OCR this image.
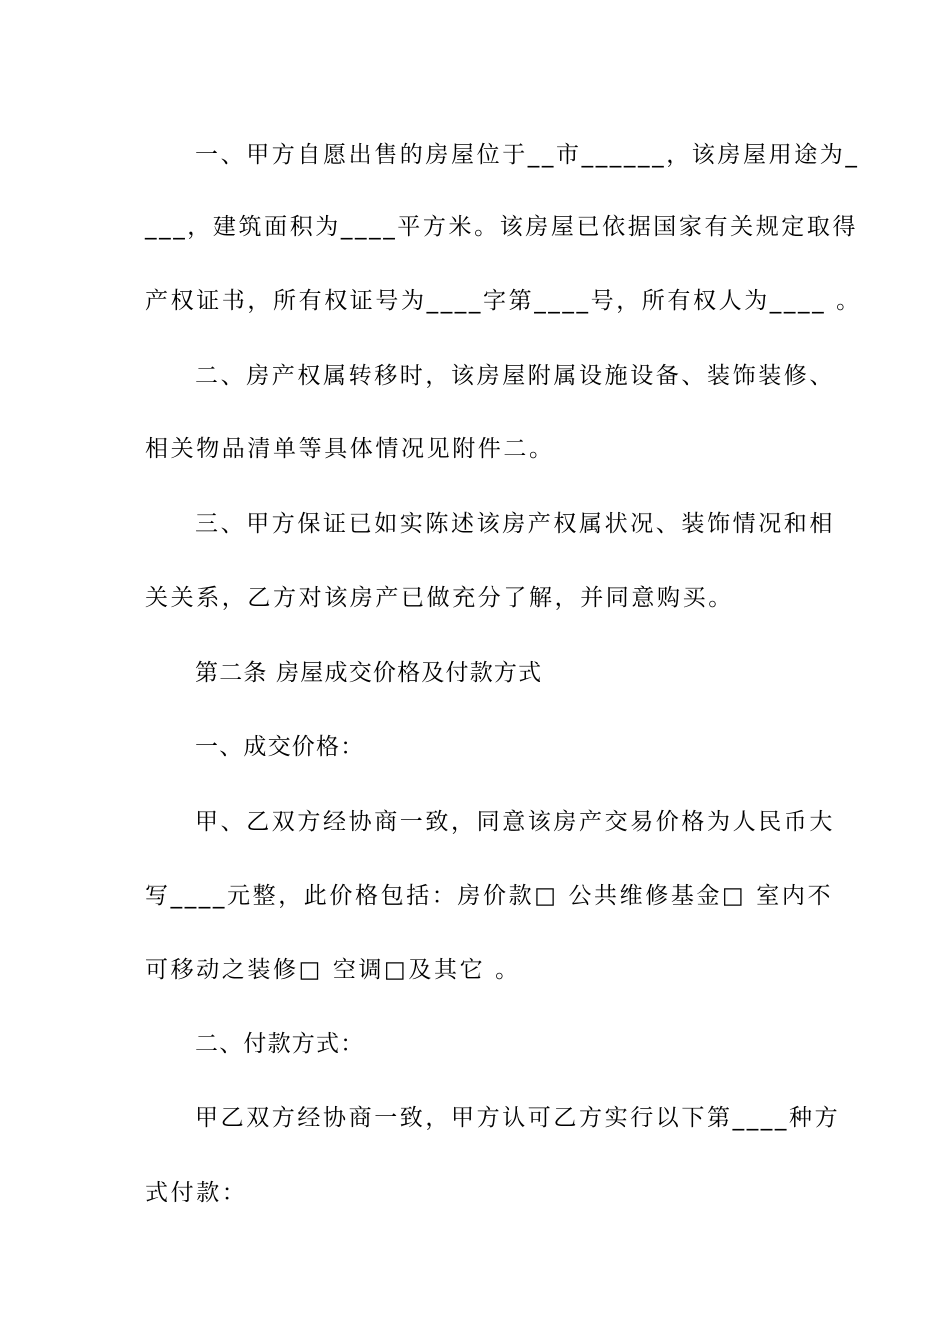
一、甲方自愿出售的房屋位于__市______，该房屋用途为_
___，建筑面积为____平方米。该房屋已依据国家有关规定取得
产权证书，所有权证号为____字第____号，所有权人为____ 。
二、房产权属转移时，该房屋附属设施设备、装饰装修、
相关物品清单等具体情况见附件二。
三、甲方保证已如实陈述该房产权属状况、装饰情况和相
关关系，乙方对该房产已做充分了解，并同意购买。
第二条 房屋成交价格及付款方式
一、成交价格：
甲、乙双方经协商一致，同意该房产交易价格为人民币大
写____元整，此价格包括：房价款□ 公共维修基金□ 室内不
可移动之装修□ 空调□及其它 。
二、付款方式：
甲乙双方经协商一致，甲方认可乙方实行以下第____种方
式付款：
